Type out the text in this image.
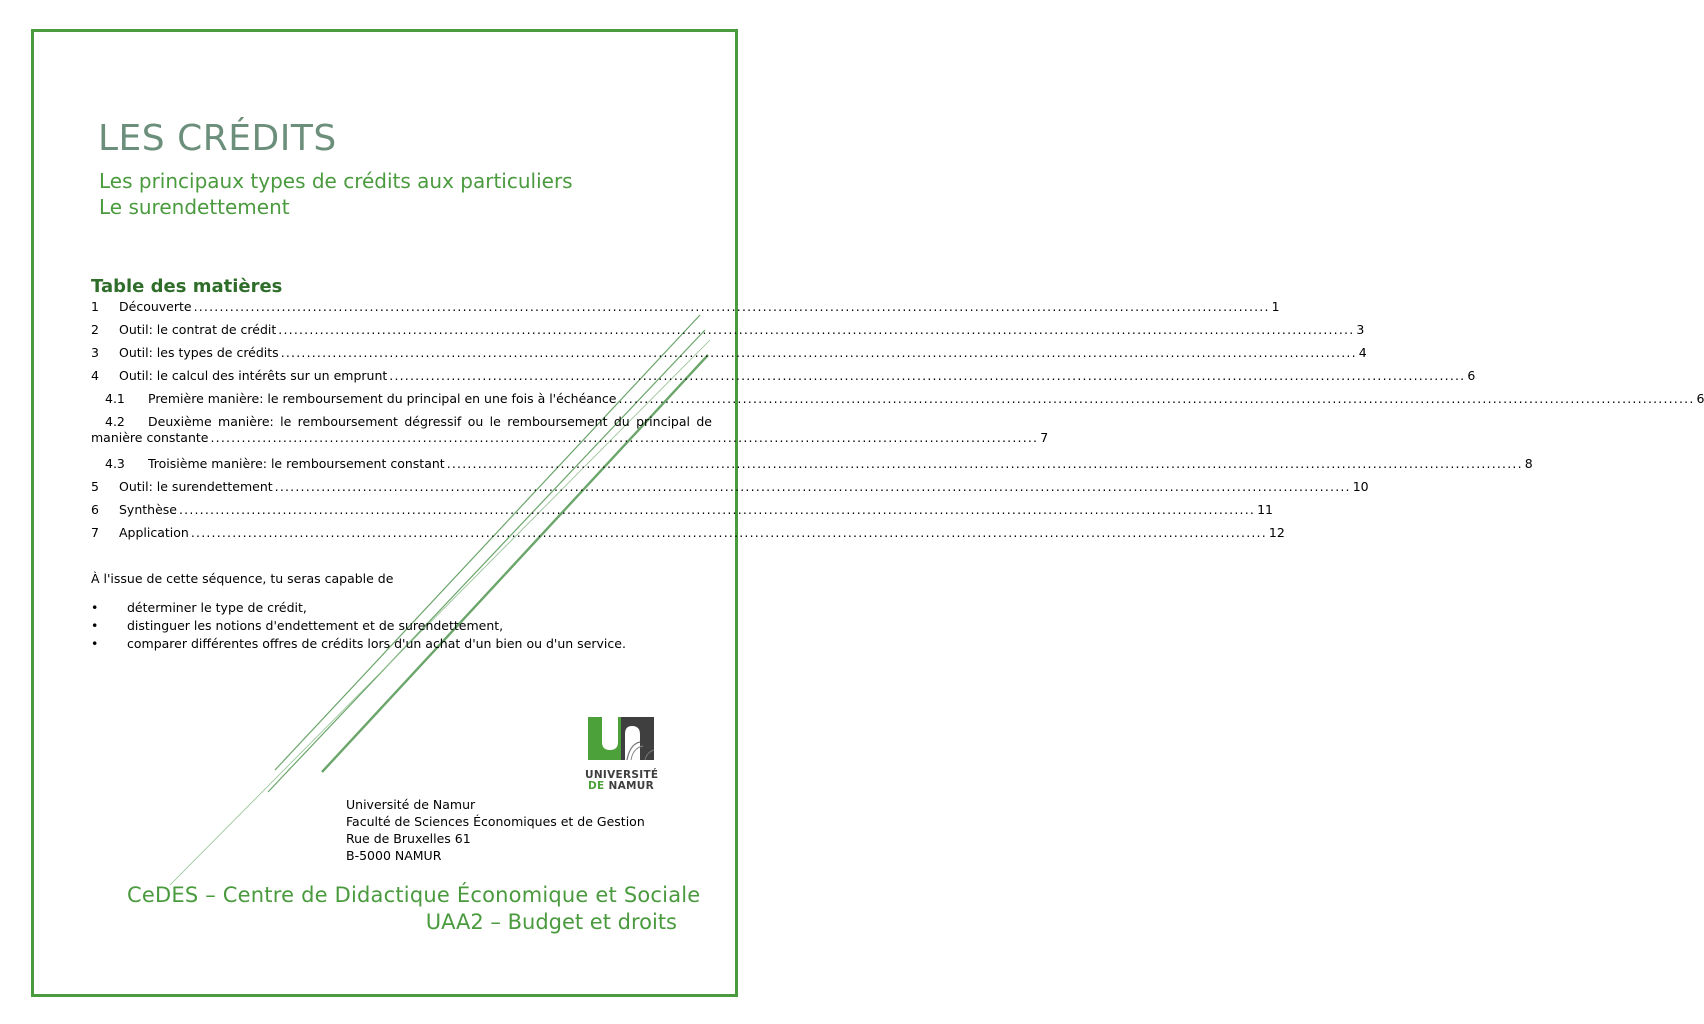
LES CRÉDITS

Les principaux types de crédits aux particuliers

Le surendettement

Table des matières
1	Découverte .....	1
2	Outil: le contrat de crédit .....	3
3	Outil: les types de crédits .....	4
4	Outil: le calcul des intérêts sur un emprunt .....	6
4.1	Première manière: le remboursement du principal en une fois à l'échéance .....	6
4.2	Deuxième manière: le remboursement dégressif ou le remboursement du principal de
manière constante ................................................................................................................................................................ 7
4.3	Troisième manière: le remboursement constant .....	8
5	Outil: le surendettement .....	10
6	Synthèse .....	11
7	Application .....	12

À l'issue de cette séquence, tu seras capable de

• déterminer le type de crédit,
• distinguer les notions d'endettement et de surendettement,
• comparer différentes offres de crédits lors d'un achat d'un bien ou d'un service.
UNIVERSITÉ
DE NAMUR
Université de Namur
Faculté de Sciences Économiques et de Gestion
Rue de Bruxelles 61
B-5000 NAMUR

CeDES – Centre de Didactique Économique et Sociale

UAA2 – Budget et droits
